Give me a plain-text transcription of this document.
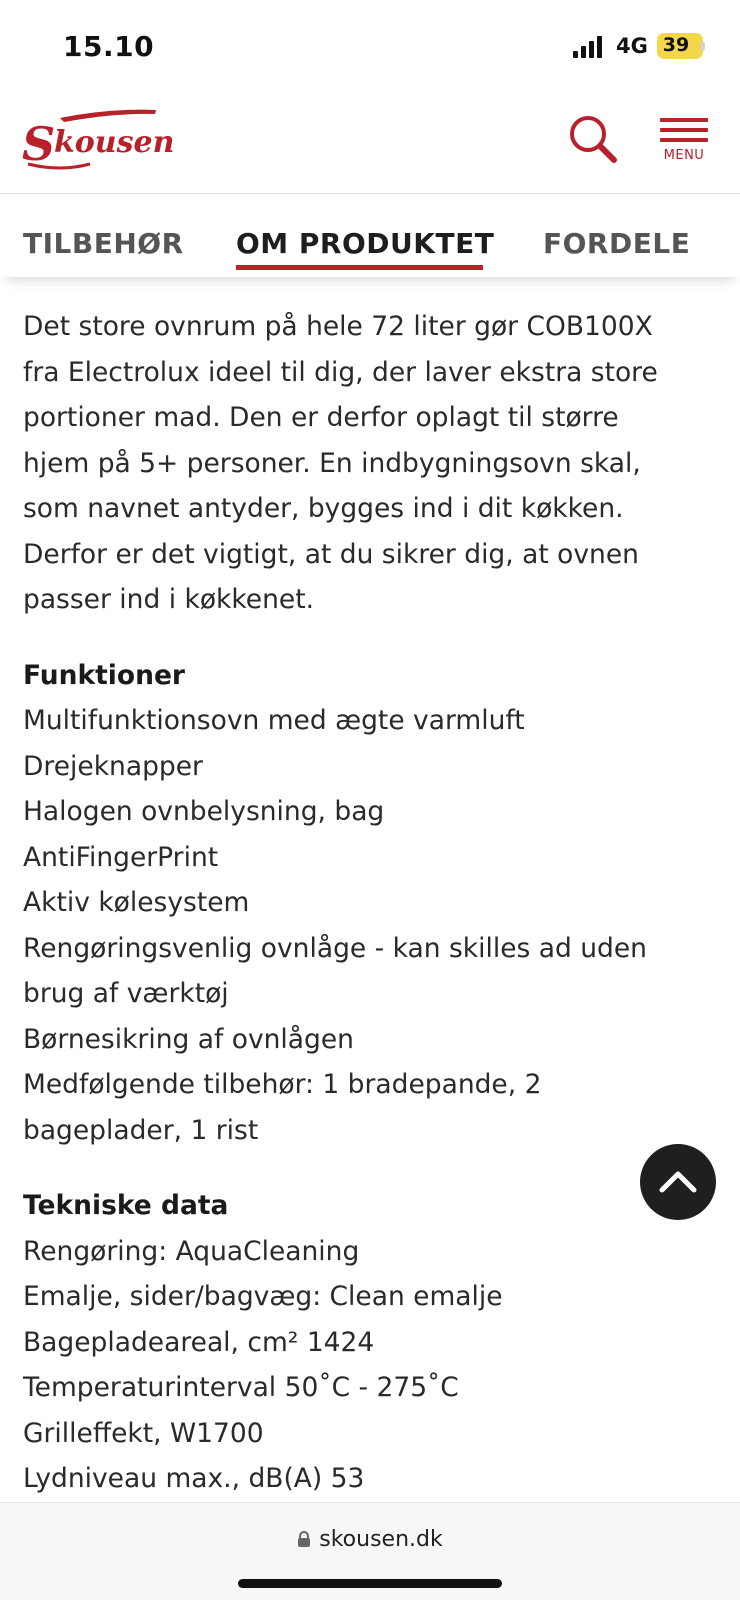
15.10	4G 39
S
kousen	MENU
TILBEHØR OM PRODUKTET FORDELE
Det store ovnrum på hele 72 liter gør COB100X
fra Electrolux ideel til dig, der laver ekstra store
portioner mad. Den er derfor oplagt til større
hjem på 5+ personer. En indbygningsovn skal,
som navnet antyder, bygges ind i dit køkken.
Derfor er det vigtigt, at du sikrer dig, at ovnen
passer ind i køkkenet.
Funktioner
Multifunktionsovn med ægte varmluft
Drejeknapper
Halogen ovnbelysning, bag
AntiFingerPrint
Aktiv kølesystem
Rengøringsvenlig ovnlåge - kan skilles ad uden
brug af værktøj
Børnesikring af ovnlågen
Medfølgende tilbehør: 1 bradepande, 2
bageplader, 1 rist
Tekniske data
Rengøring: AquaCleaning
Emalje, sider/bagvæg: Clean emalje
Bagepladeareal, cm² 1424
Temperaturinterval 50˚C - 275˚C
Grilleffekt, W1700
Lydniveau max., dB(A) 53
skousen.dk
